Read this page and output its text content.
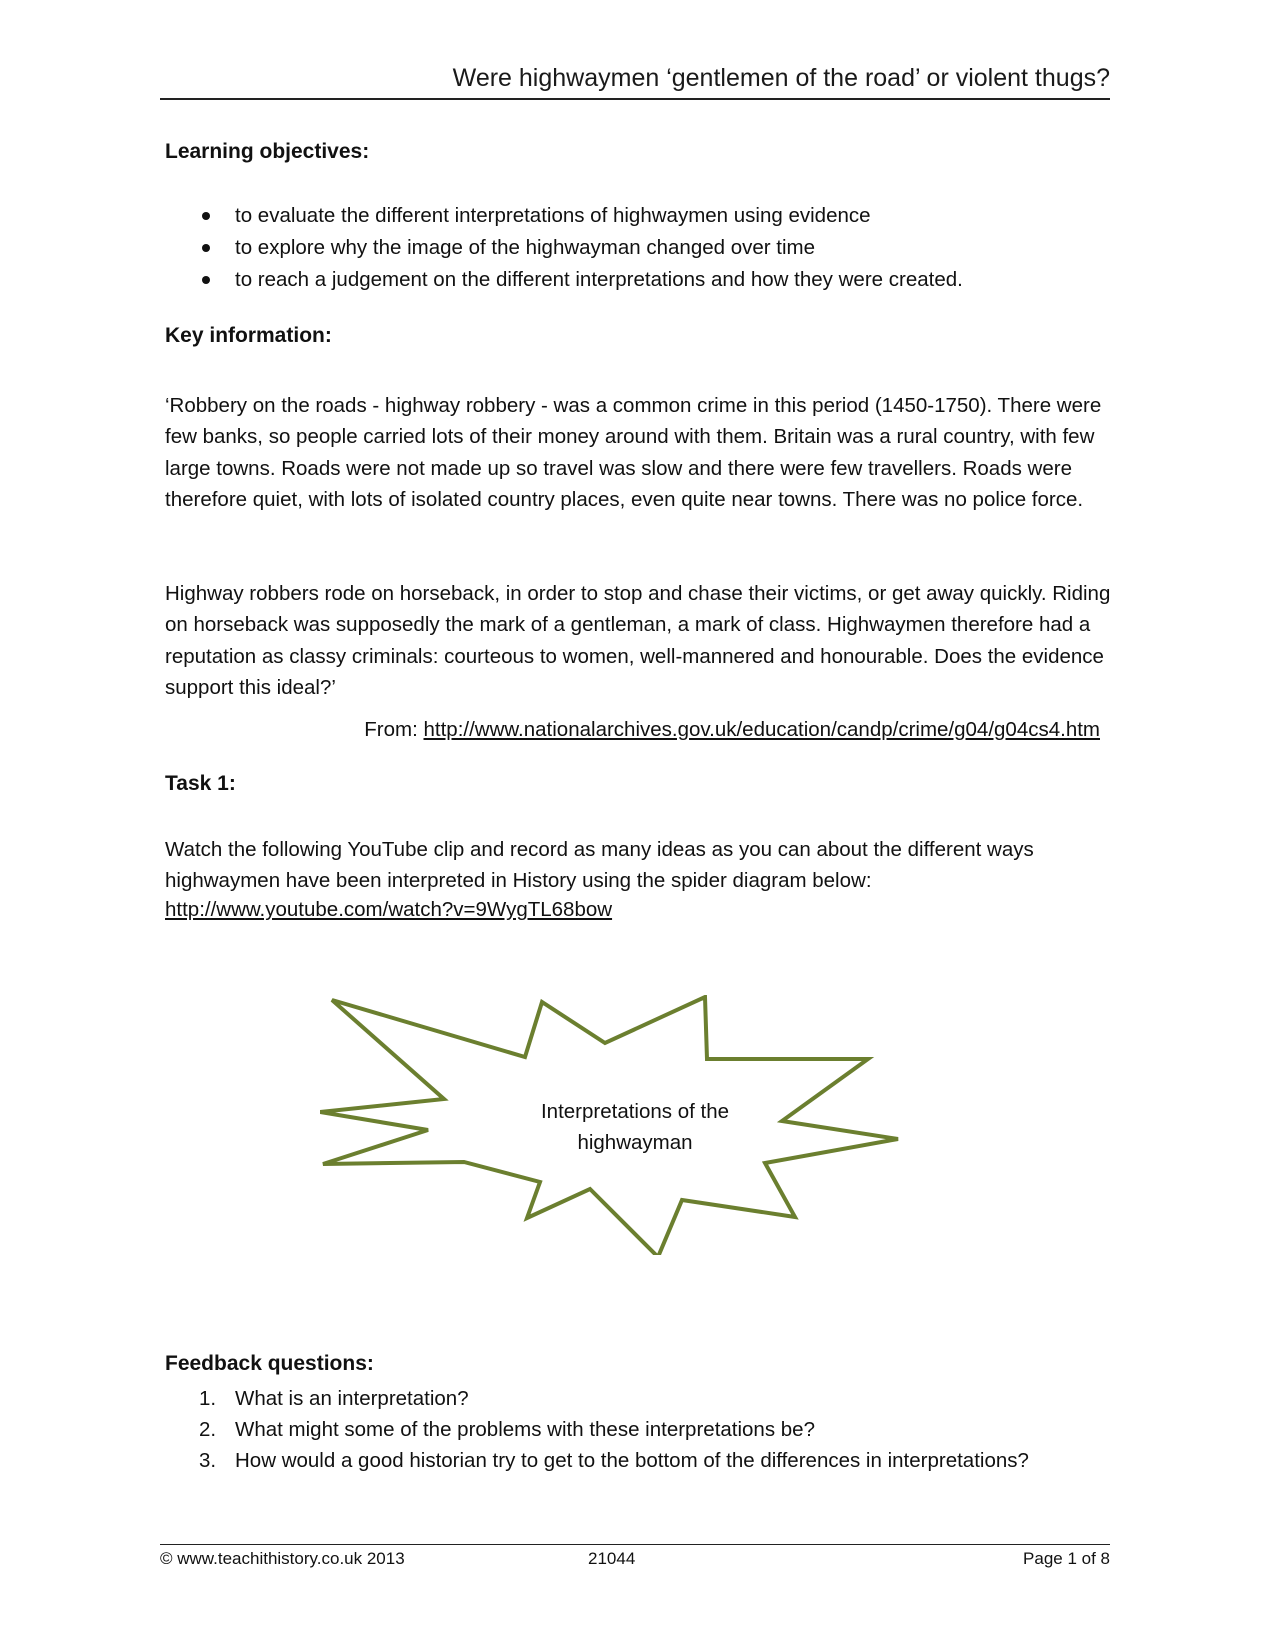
Were highwaymen ‘gentlemen of the road’ or violent thugs?
Learning objectives:
to evaluate the different interpretations of highwaymen using evidence
to explore why the image of the highwayman changed over time
to reach a judgement on the different interpretations and how they were created.
Key information:

‘Robbery on the roads - highway robbery - was a common crime in this period (1450-1750). There were few banks, so people carried lots of their money around with them. Britain was a rural country, with few large towns. Roads were not made up so travel was slow and there were few travellers. Roads were therefore quiet, with lots of isolated country places, even quite near towns. There was no police force.

Highway robbers rode on horseback, in order to stop and chase their victims, or get away quickly. Riding on horseback was supposedly the mark of a gentleman, a mark of class. Highwaymen therefore had a reputation as classy criminals: courteous to women, well-mannered and honourable. Does the evidence support this ideal?’

From: http://www.nationalarchives.gov.uk/education/candp/crime/g04/g04cs4.htm
Task 1:

Watch the following YouTube clip and record as many ideas as you can about the different ways highwaymen have been interpreted in History using the spider diagram below:

http://www.youtube.com/watch?v=9WygTL68bow
Interpretations of the
highwayman
Feedback questions:
1. What is an interpretation?
2. What might some of the problems with these interpretations be?
3. How would a good historian try to get to the bottom of the differences in interpretations?
© www.teachithistory.co.uk 2013	21044	Page 1 of 8
